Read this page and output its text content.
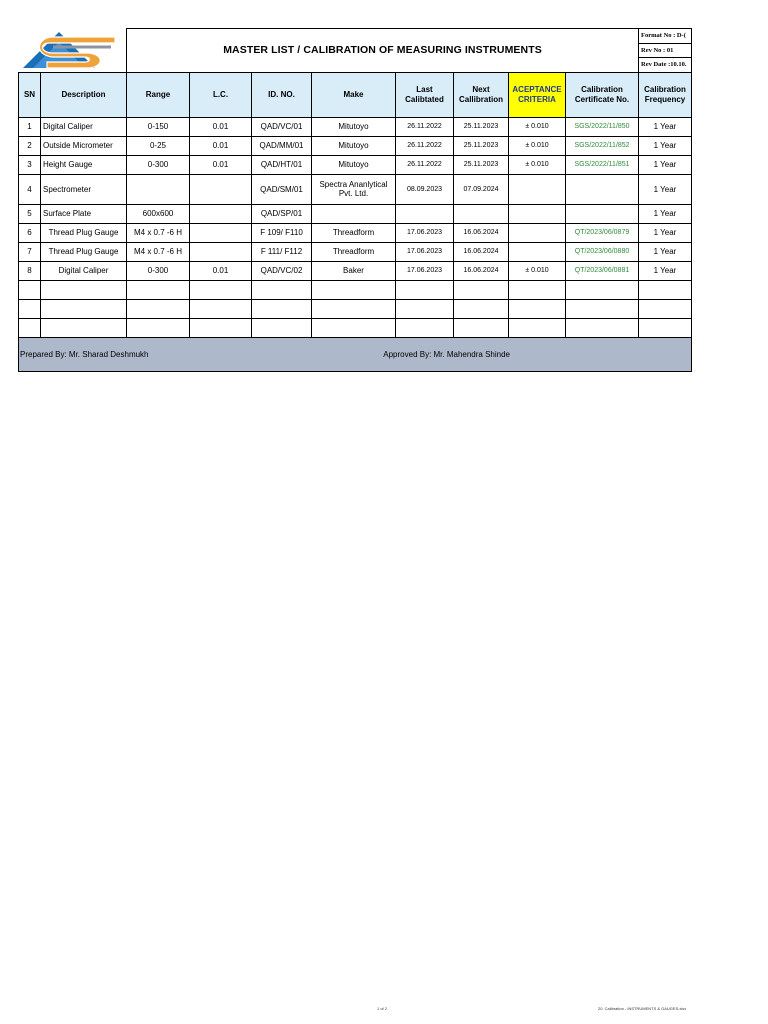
	MASTER LIST / CALIBRATION OF MEASURING INSTRUMENTS								Format No : D-(
										Rev No : 01
										Rev Date :10.10.
SN	Description	Range	L.C.	ID. NO.	Make	Last Calibtated	Next Callibration	ACEPTANCE CRITERIA	Calibration Certificate No.	Calibration Frequency
1	Digital Caliper	0-150	0.01	QAD/VC/01	Mitutoyo	26.11.2022	25.11.2023	± 0.010	SGS/2022/11/850	1 Year
2	Outside Micrometer	0-25	0.01	QAD/MM/01	Mitutoyo	26.11.2022	25.11.2023	± 0.010	SGS/2022/11/852	1 Year
3	Height Gauge	0-300	0.01	QAD/HT/01	Mitutoyo	26.11.2022	25.11.2023	± 0.010	SGS/2022/11/851	1 Year
4	Spectrometer			QAD/SM/01	Spectra Ananlytical Pvt. Ltd.	08.09.2023	07.09.2024			1 Year
5	Surface Plate	600x600		QAD/SP/01						1 Year
6	Thread Plug Gauge	M4 x 0.7 -6 H		F 109/ F110	Threadform	17.06.2023	16.06.2024		QT/2023/06/0879	1 Year
7	Thread Plug Gauge	M4 x 0.7 -6 H		F 111/ F112	Threadform	17.06.2023	16.06.2024		QT/2023/06/0880	1 Year
8	Digital Caliper	0-300	0.01	QAD/VC/02	Baker	17.06.2023	16.06.2024	± 0.010	QT/2023/06/0881	1 Year

Prepared By: Mr. Sharad Deshmukh Approved By: Mr. Mahendra Shinde										
1 of 2	20. Calibration - INSTRUMENTS & GAUGES.xlsx
